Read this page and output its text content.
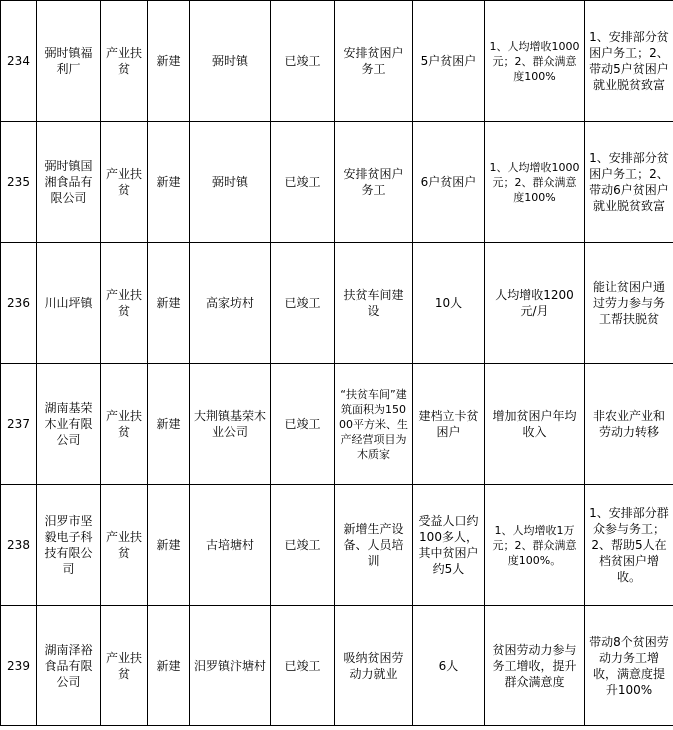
234	弼时镇福利厂	产业扶贫	新建	弼时镇	已竣工	安排贫困户务工	5户贫困户	1、人均增收1000元；2、群众满意度100%	1、安排部分贫困户务工；2、带动5户贫困户就业脱贫致富
235	弼时镇国湘食品有限公司	产业扶贫	新建	弼时镇	已竣工	安排贫困户务工	6户贫困户	1、人均增收1000元；2、群众满意度100%	1、安排部分贫困户务工；2、带动6户贫困户就业脱贫致富
236	川山坪镇	产业扶贫	新建	高家坊村	已竣工	扶贫车间建设	10人	人均增收1200元/月	能让贫困户通过劳力参与务工帮扶脱贫
237	湖南基荣木业有限公司	产业扶贫	新建	大荆镇基荣木业公司	已竣工	“扶贫车间”建筑面积为15000平方米、生产经营项目为木质家	建档立卡贫困户	增加贫困户年均收入	非农业产业和劳动力转移
238	汨罗市坚毅电子科技有限公司	产业扶贫	新建	古培塘村	已竣工	新增生产设备、人员培训	受益人口约100多人，其中贫困户约5人	1、人均增收1万元；2、群众满意度100%。	1、安排部分群众参与务工；2、帮助5人在档贫困户增收。
239	湖南泽裕食品有限公司	产业扶贫	新建	汨罗镇汴塘村	已竣工	吸纳贫困劳动力就业	6人	贫困劳动力参与务工增收，提升群众满意度	带动8个贫困劳动力务工增收，满意度提升100%
